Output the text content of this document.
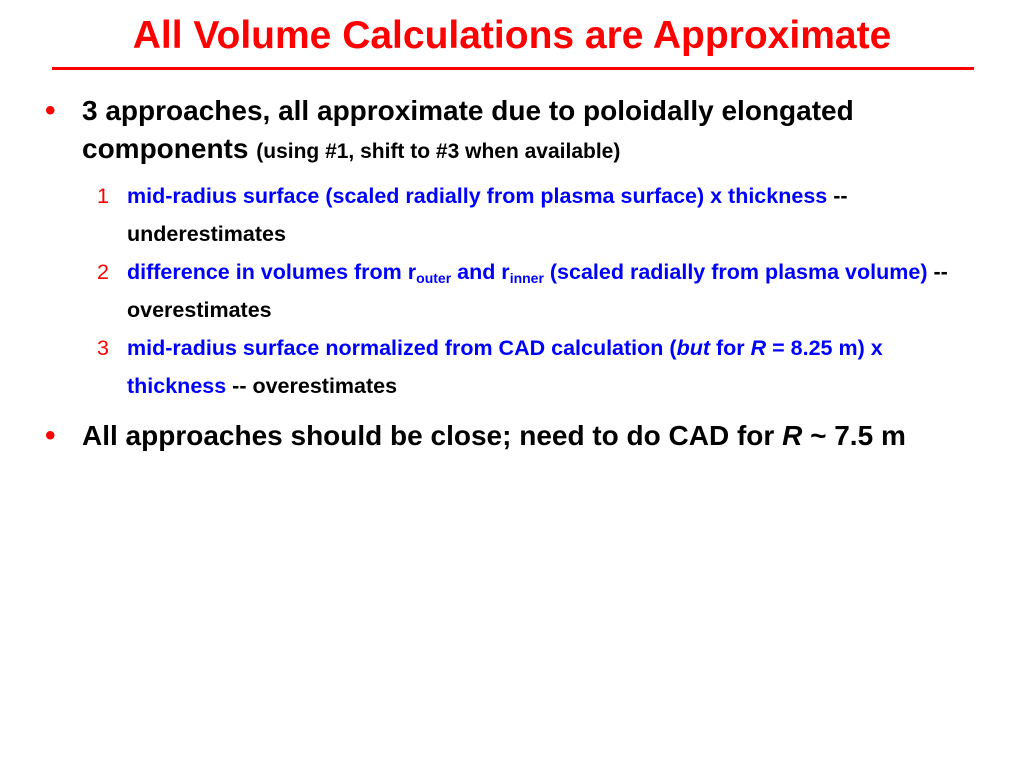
All Volume Calculations are Approximate
• 3 approaches, all approximate due to poloidally elongated components (using #1, shift to #3 when available)
1 mid-radius surface (scaled radially from plasma surface) x thickness -- underestimates
2 difference in volumes from $r_{outer}$ and $r_{inner}$ (scaled radially from plasma volume) -- overestimates
3 mid-radius surface normalized from CAD calculation (but for R = 8.25 m) x thickness -- overestimates
• All approaches should be close; need to do CAD for R ~ 7.5 m
